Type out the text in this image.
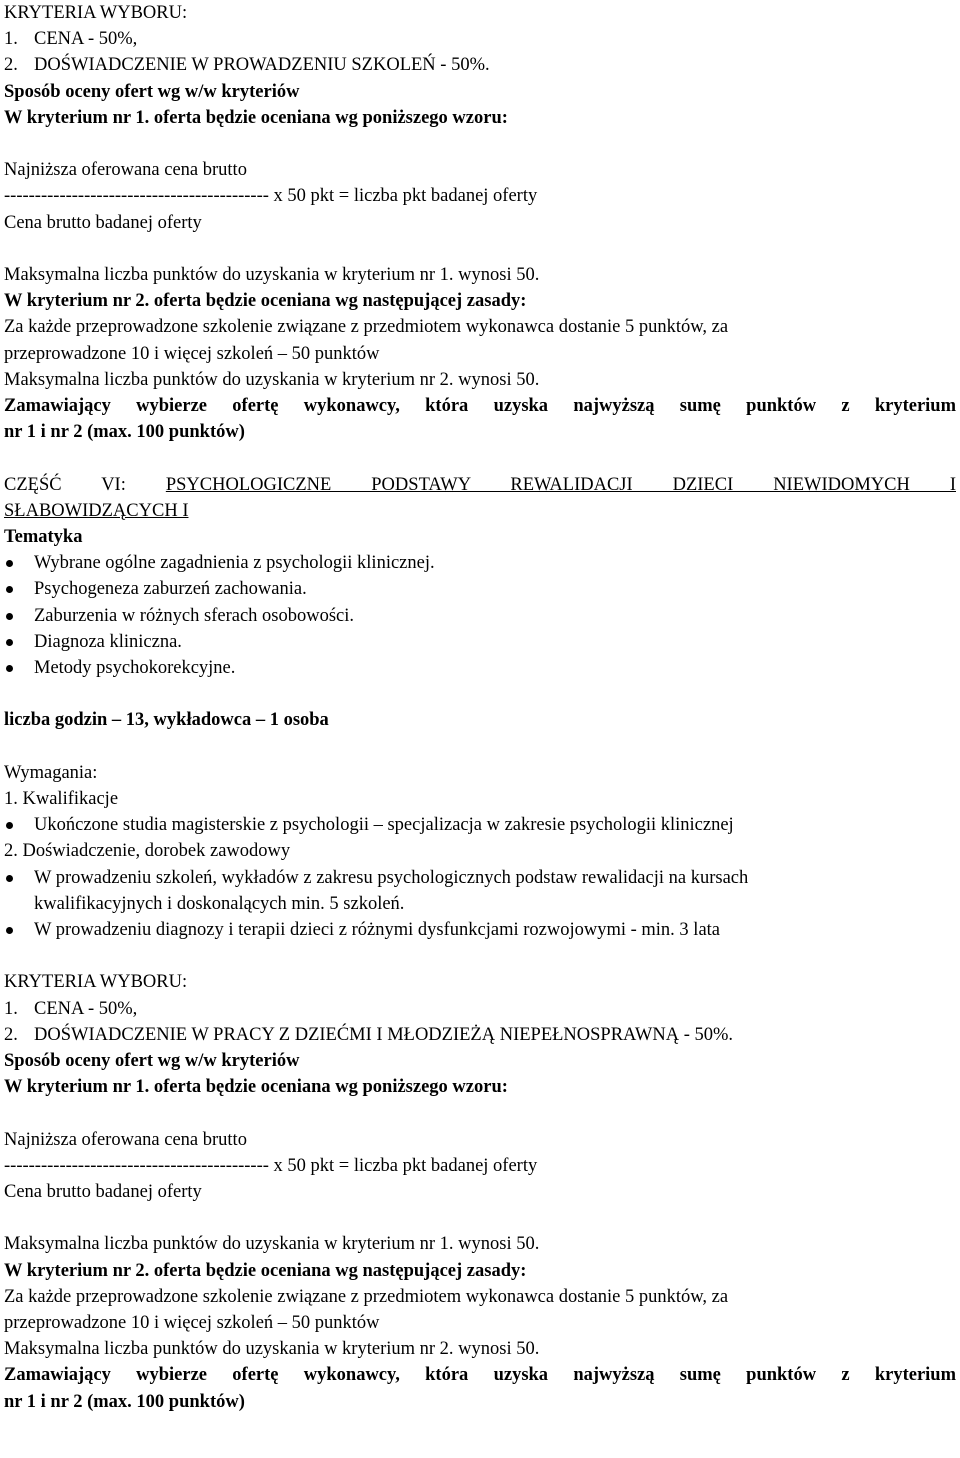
KRYTERIA WYBORU:

1. CENA - 50%,

2. DOŚWIADCZENIE W PROWADZENIU SZKOLEŃ - 50%.

Sposób oceny ofert wg w/w kryteriów

W kryterium nr 1. oferta będzie oceniana wg poniższego wzoru:

Najniższa oferowana cena brutto

------------------------------------------- x 50 pkt = liczba pkt badanej oferty

Cena brutto badanej oferty

Maksymalna liczba punktów do uzyskania w kryterium nr 1. wynosi 50.

W kryterium nr 2. oferta będzie oceniana wg następującej zasady:

Za każde przeprowadzone szkolenie związane z przedmiotem wykonawca dostanie 5 punktów, za

przeprowadzone 10 i więcej szkoleń – 50 punktów

Maksymalna liczba punktów do uzyskania w kryterium nr 2. wynosi 50.

Zamawiający wybierze ofertę wykonawcy, która uzyska najwyższą sumę punktów z kryterium

nr 1 i nr 2 (max. 100 punktów)

CZĘŚĆ VI: PSYCHOLOGICZNE PODSTAWY REWALIDACJI DZIECI NIEWIDOMYCH I

SŁABOWIDZĄCYCH I

Tematyka

Wybrane ogólne zagadnienia z psychologii klinicznej.
Psychogeneza zaburzeń zachowania.
Zaburzenia w różnych sferach osobowości.
Diagnoza kliniczna.
Metody psychokorekcyjne.

liczba godzin – 13, wykładowca – 1 osoba

Wymagania:

1. Kwalifikacje

Ukończone studia magisterskie z psychologii – specjalizacja w zakresie psychologii klinicznej

2. Doświadczenie, dorobek zawodowy

W prowadzeniu szkoleń, wykładów z zakresu psychologicznych podstaw rewalidacji na kursach
kwalifikacyjnych i doskonalących min. 5 szkoleń.
W prowadzeniu diagnozy i terapii dzieci z różnymi dysfunkcjami rozwojowymi - min. 3 lata

KRYTERIA WYBORU:

1. CENA - 50%,

2. DOŚWIADCZENIE W PRACY Z DZIEĆMI I MŁODZIEŻĄ NIEPEŁNOSPRAWNĄ - 50%.

Sposób oceny ofert wg w/w kryteriów

W kryterium nr 1. oferta będzie oceniana wg poniższego wzoru:

Najniższa oferowana cena brutto

------------------------------------------- x 50 pkt = liczba pkt badanej oferty

Cena brutto badanej oferty

Maksymalna liczba punktów do uzyskania w kryterium nr 1. wynosi 50.

W kryterium nr 2. oferta będzie oceniana wg następującej zasady:

Za każde przeprowadzone szkolenie związane z przedmiotem wykonawca dostanie 5 punktów, za

przeprowadzone 10 i więcej szkoleń – 50 punktów

Maksymalna liczba punktów do uzyskania w kryterium nr 2. wynosi 50.

Zamawiający wybierze ofertę wykonawcy, która uzyska najwyższą sumę punktów z kryterium

nr 1 i nr 2 (max. 100 punktów)
